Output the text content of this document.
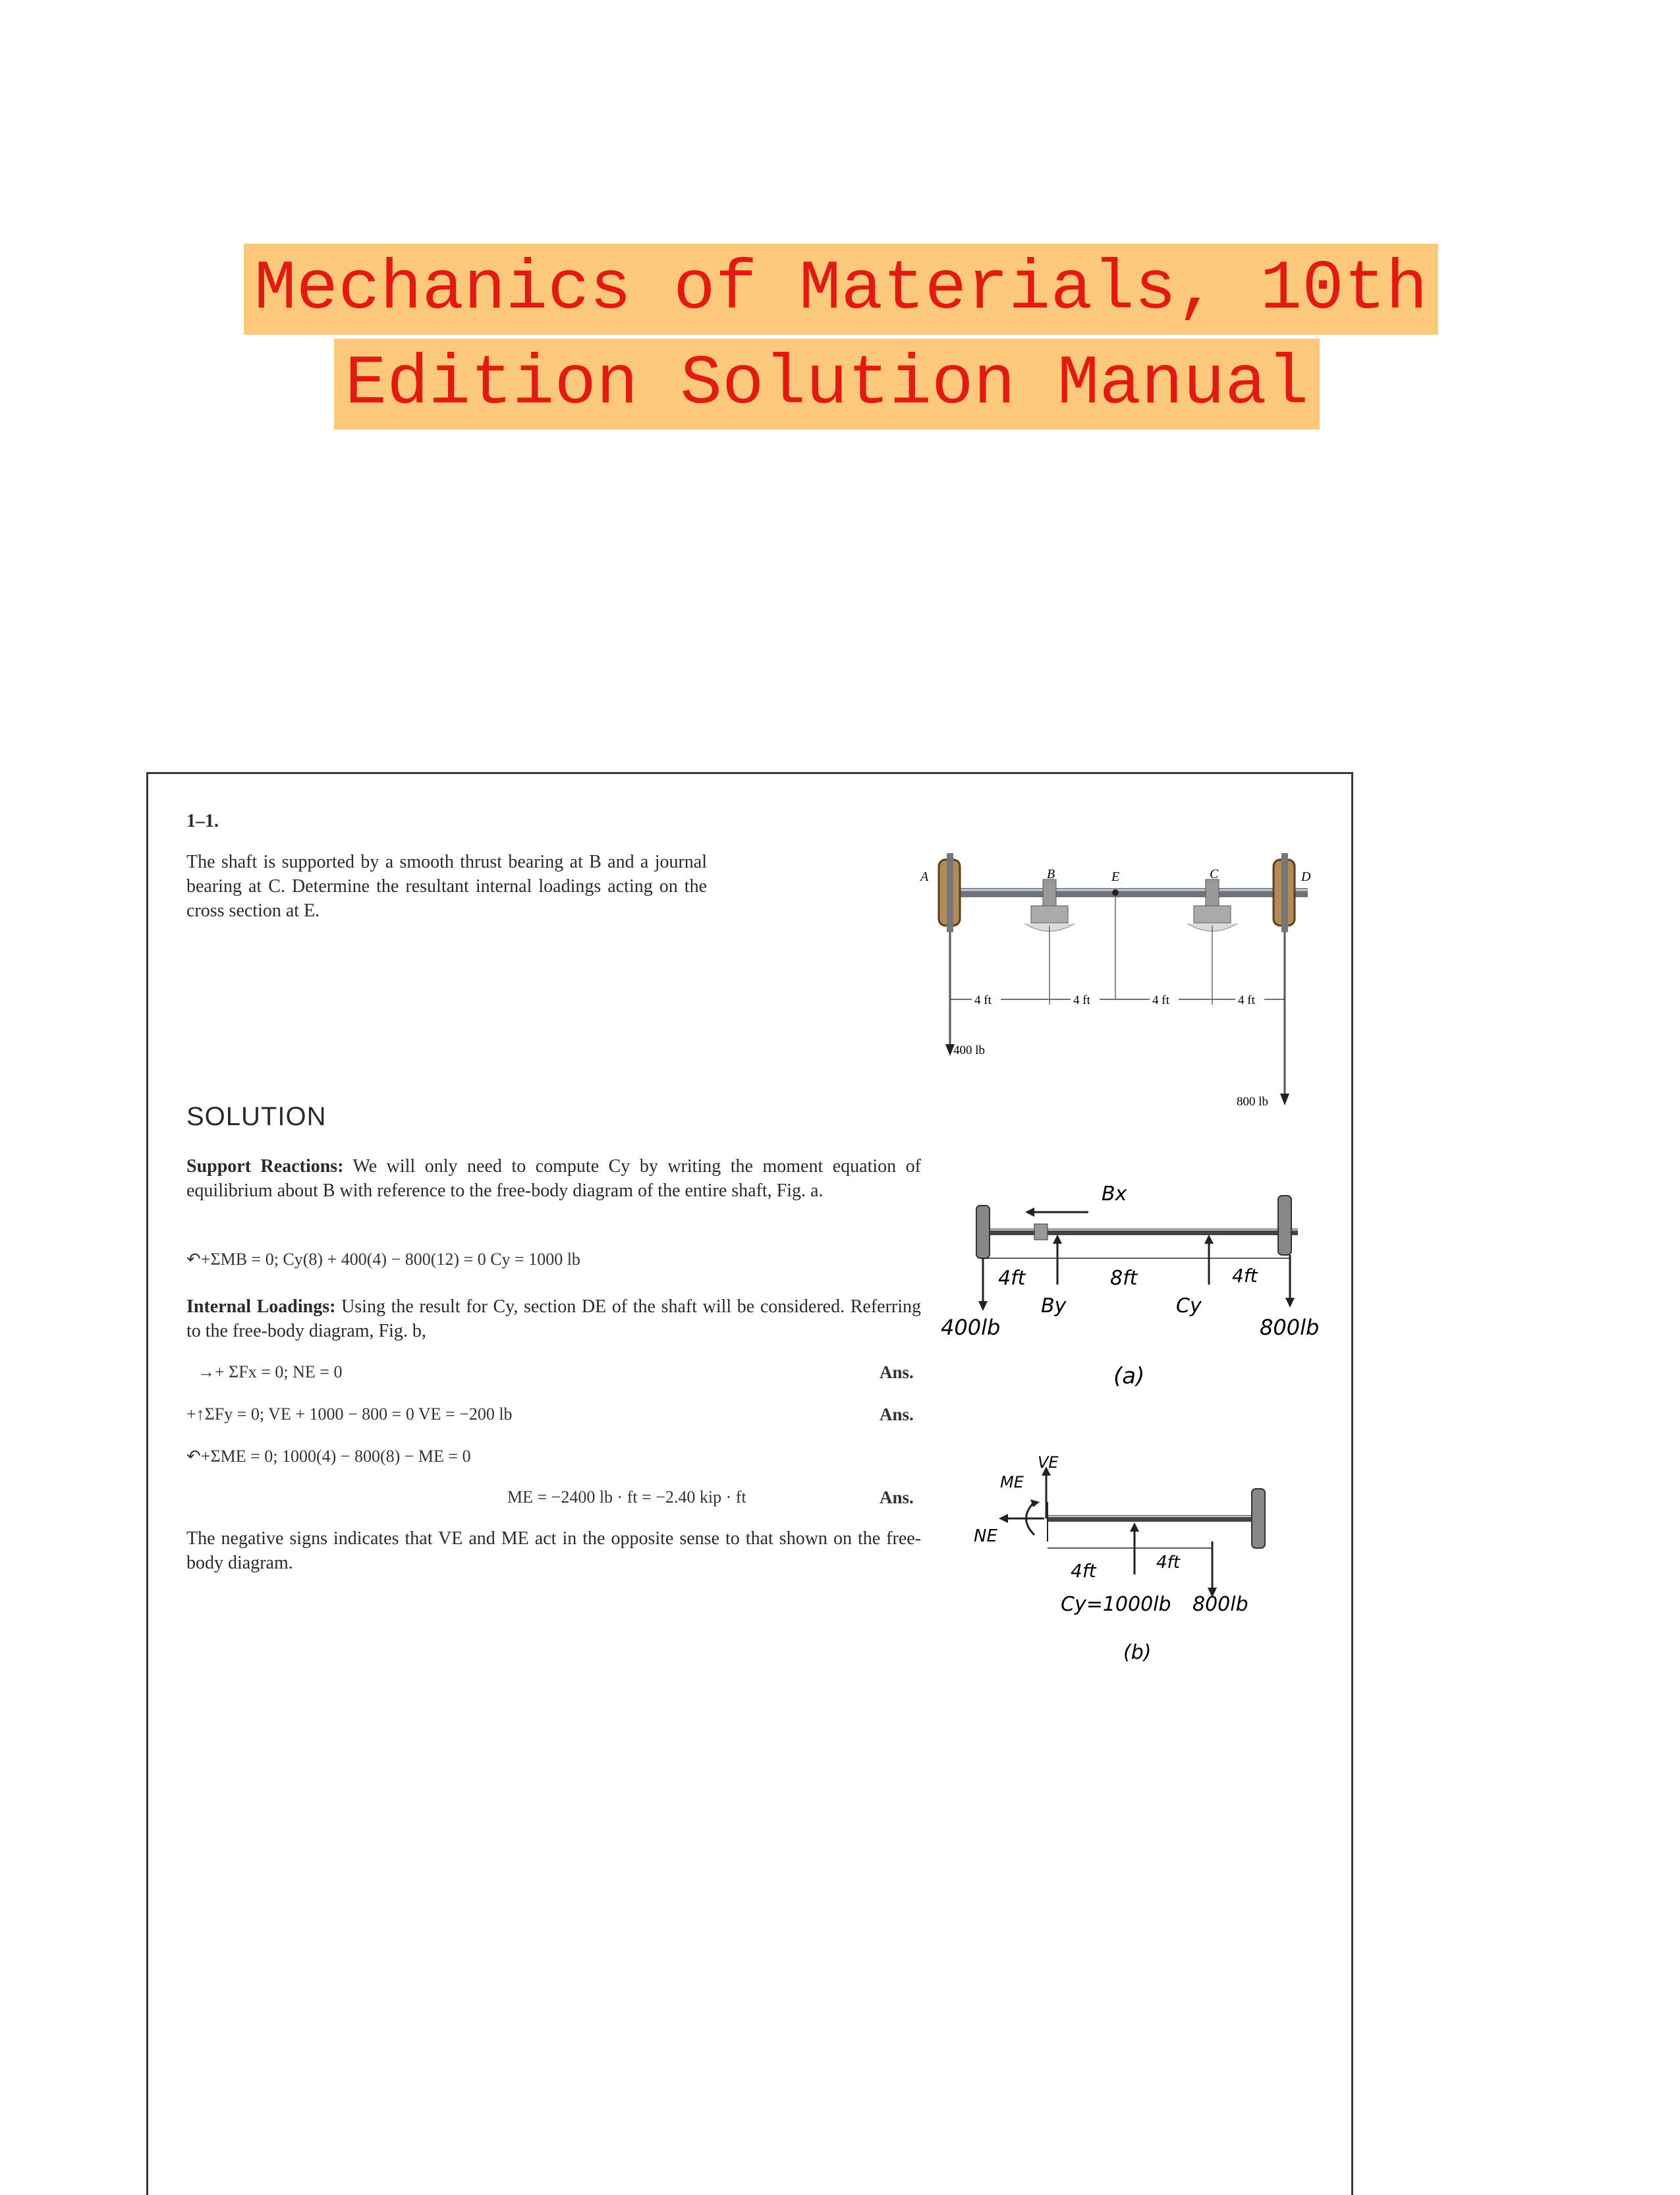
Mechanics of Materials, 10th
Edition Solution Manual
1–1.
The shaft is supported by a smooth thrust bearing at B and a journal bearing at C. Determine the resultant internal loadings acting on the cross section at E.
A	B	E	C	D
4 ft	4 ft	4 ft	4 ft
400 lb
800 lb
SOLUTION
Support Reactions: We will only need to compute Cy by writing the moment equation of equilibrium about B with reference to the free-body diagram of the entire shaft, Fig. a.
↶+ΣMB = 0; Cy(8) + 400(4) − 800(12) = 0 Cy = 1000 lb
Internal Loadings: Using the result for Cy, section DE of the shaft will be considered. Referring to the free-body diagram, Fig. b,
→+ ΣFx = 0; NE = 0	Ans.
+↑ΣFy = 0; VE + 1000 − 800 = 0 VE = −200 lb	Ans.
↶+ΣME = 0; 1000(4) − 800(8) − ME = 0
ME = −2400 lb · ft = −2.40 kip · ft	Ans.
The negative signs indicates that VE and ME act in the opposite sense to that shown on the free-body diagram.
Bx
4ft	8ft	4ft
By	Cy
800lb
400lb
(a)
VE
ME
NE
4ft	4ft
Cy=1000lb 800lb
(b)
